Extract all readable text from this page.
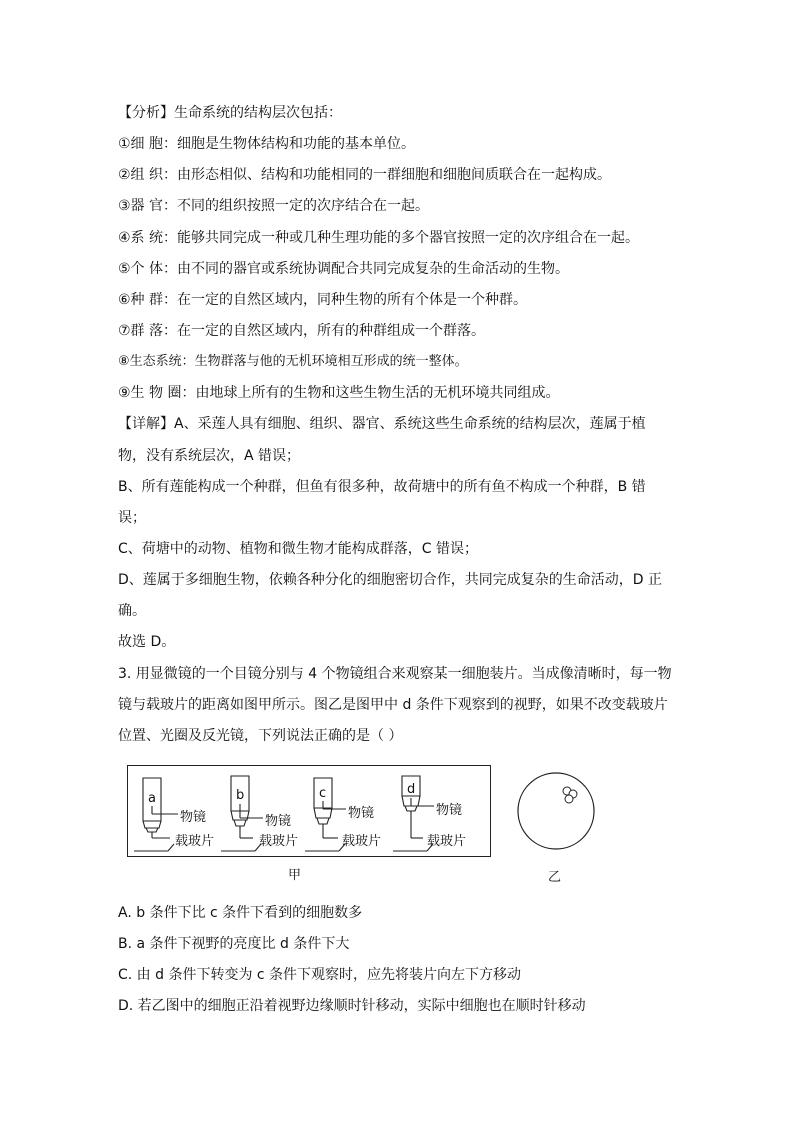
【分析】生命系统的结构层次包括：
①细 胞：细胞是生物体结构和功能的基本单位。
②组 织：由形态相似、结构和功能相同的一群细胞和细胞间质联合在一起构成。
③器 官：不同的组织按照一定的次序结合在一起。
④系 统：能够共同完成一种或几种生理功能的多个器官按照一定的次序组合在一起。
⑤个 体：由不同的器官或系统协调配合共同完成复杂的生命活动的生物。
⑥种 群：在一定的自然区域内，同种生物的所有个体是一个种群。
⑦群 落：在一定的自然区域内，所有的种群组成一个群落。
⑧生态系统：生物群落与他的无机环境相互形成的统一整体。
⑨生 物 圈：由地球上所有的生物和这些生物生活的无机环境共同组成。
【详解】A、采莲人具有细胞、组织、器官、系统这些生命系统的结构层次，莲属于植
物，没有系统层次，A 错误；
B、所有莲能构成一个种群，但鱼有很多种，故荷塘中的所有鱼不构成一个种群，B 错
误；
C、荷塘中的动物、植物和微生物才能构成群落，C 错误；
D、莲属于多细胞生物，依赖各种分化的细胞密切合作，共同完成复杂的生命活动，D 正
确。
故选 D。
3. 用显微镜的一个目镜分别与 4 个物镜组合来观察某一细胞装片。当成像清晰时，每一物
镜与载玻片的距离如图甲所示。图乙是图甲中 d 条件下观察到的视野，如果不改变载玻片
位置、光圈及反光镜，下列说法正确的是（ ）
a	b	c	d
物镜	物镜
物镜	物镜
载玻片	载玻片	载玻片	载玻片
甲	乙
A. b 条件下比 c 条件下看到的细胞数多
B. a 条件下视野的亮度比 d 条件下大
C. 由 d 条件下转变为 c 条件下观察时，应先将装片向左下方移动
D. 若乙图中的细胞正沿着视野边缘顺时针移动，实际中细胞也在顺时针移动
